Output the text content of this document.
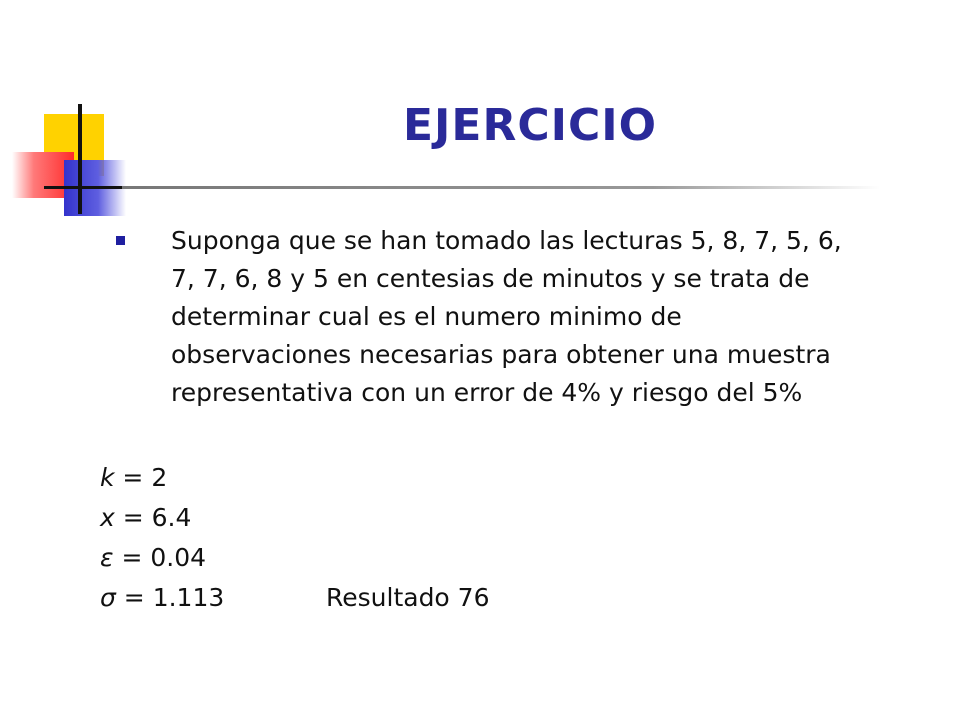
EJERCICIO
Suponga que se han tomado las lecturas 5, 8, 7, 5, 6,
7, 7, 6, 8 y 5 en centesias de minutos y se trata de
determinar cual es el numero minimo de
observaciones necesarias para obtener una muestra
representativa con un error de 4% y riesgo del 5%
k = 2
x = 6.4
ε = 0.04
σ = 1.113	Resultado 76
